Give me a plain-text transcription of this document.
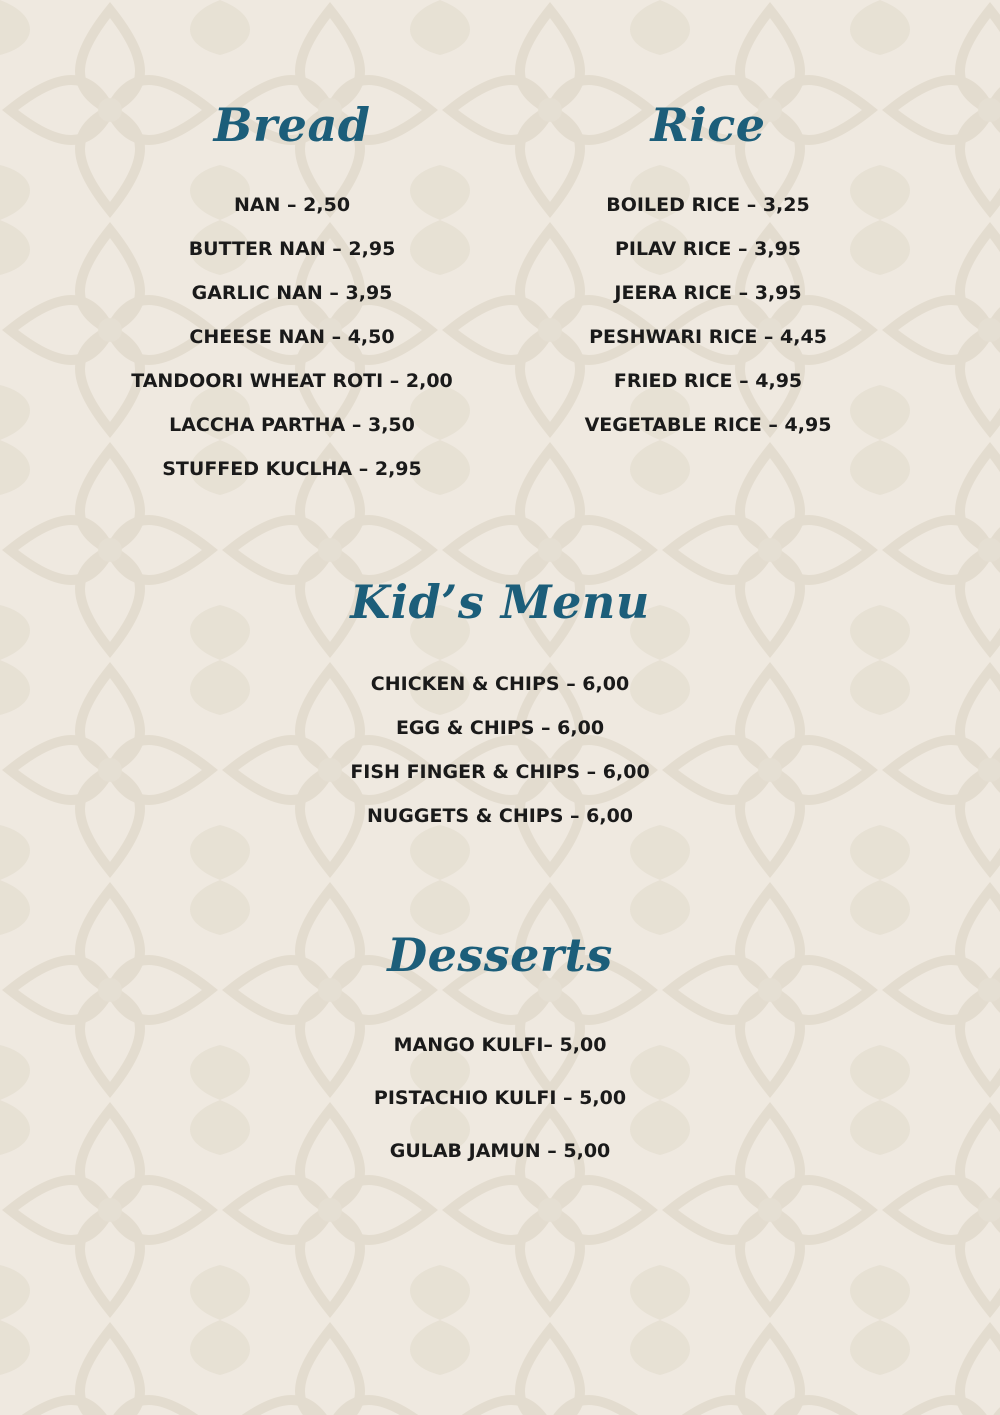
Bread
NAN – 2,50
BUTTER NAN – 2,95
GARLIC NAN – 3,95
CHEESE NAN – 4,50
TANDOORI WHEAT ROTI – 2,00
LACCHA PARTHA – 3,50
STUFFED KUCLHA – 2,95
Rice
BOILED RICE – 3,25
PILAV RICE – 3,95
JEERA RICE – 3,95
PESHWARI RICE – 4,45
FRIED RICE – 4,95
VEGETABLE RICE – 4,95
Kid’s Menu
CHICKEN & CHIPS – 6,00
EGG & CHIPS – 6,00
FISH FINGER & CHIPS – 6,00
NUGGETS & CHIPS – 6,00
Desserts
MANGO KULFI– 5,00
PISTACHIO KULFI – 5,00
GULAB JAMUN – 5,00
